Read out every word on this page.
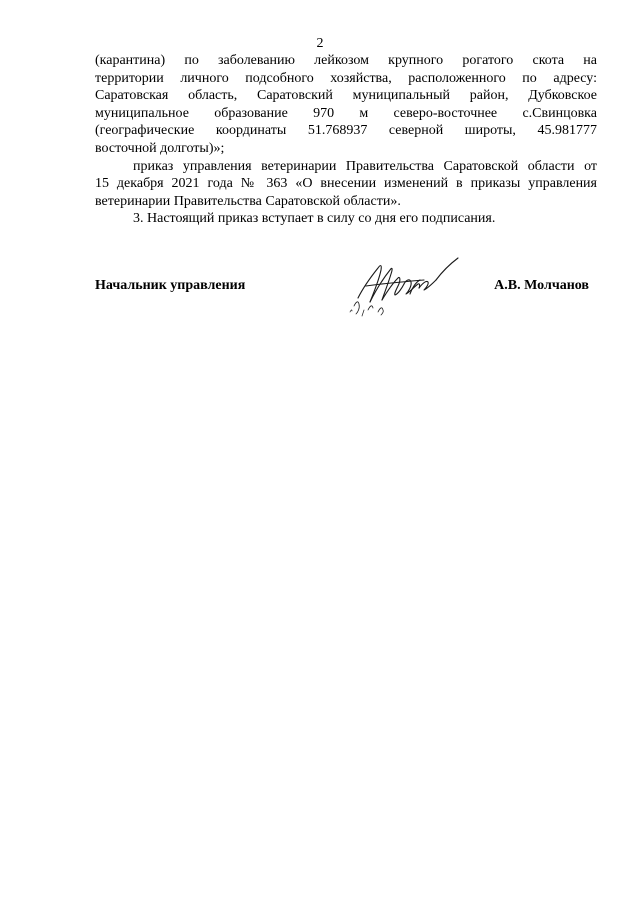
2
(карантина) по заболеванию лейкозом крупного рогатого скота на
территории личного подсобного хозяйства, расположенного по адресу:
Саратовская область, Саратовский муниципальный район, Дубковское
муниципальное образование 970 м северо-восточнее с.Свинцовка
(географические координаты 51.768937 северной широты, 45.981777
восточной долготы)»;
приказ управления ветеринарии Правительства Саратовской области от
15 декабря 2021 года № 363 «О внесении изменений в приказы управления
ветеринарии Правительства Саратовской области».
3. Настоящий приказ вступает в силу со дня его подписания.
Начальник управления	А.В. Молчанов
